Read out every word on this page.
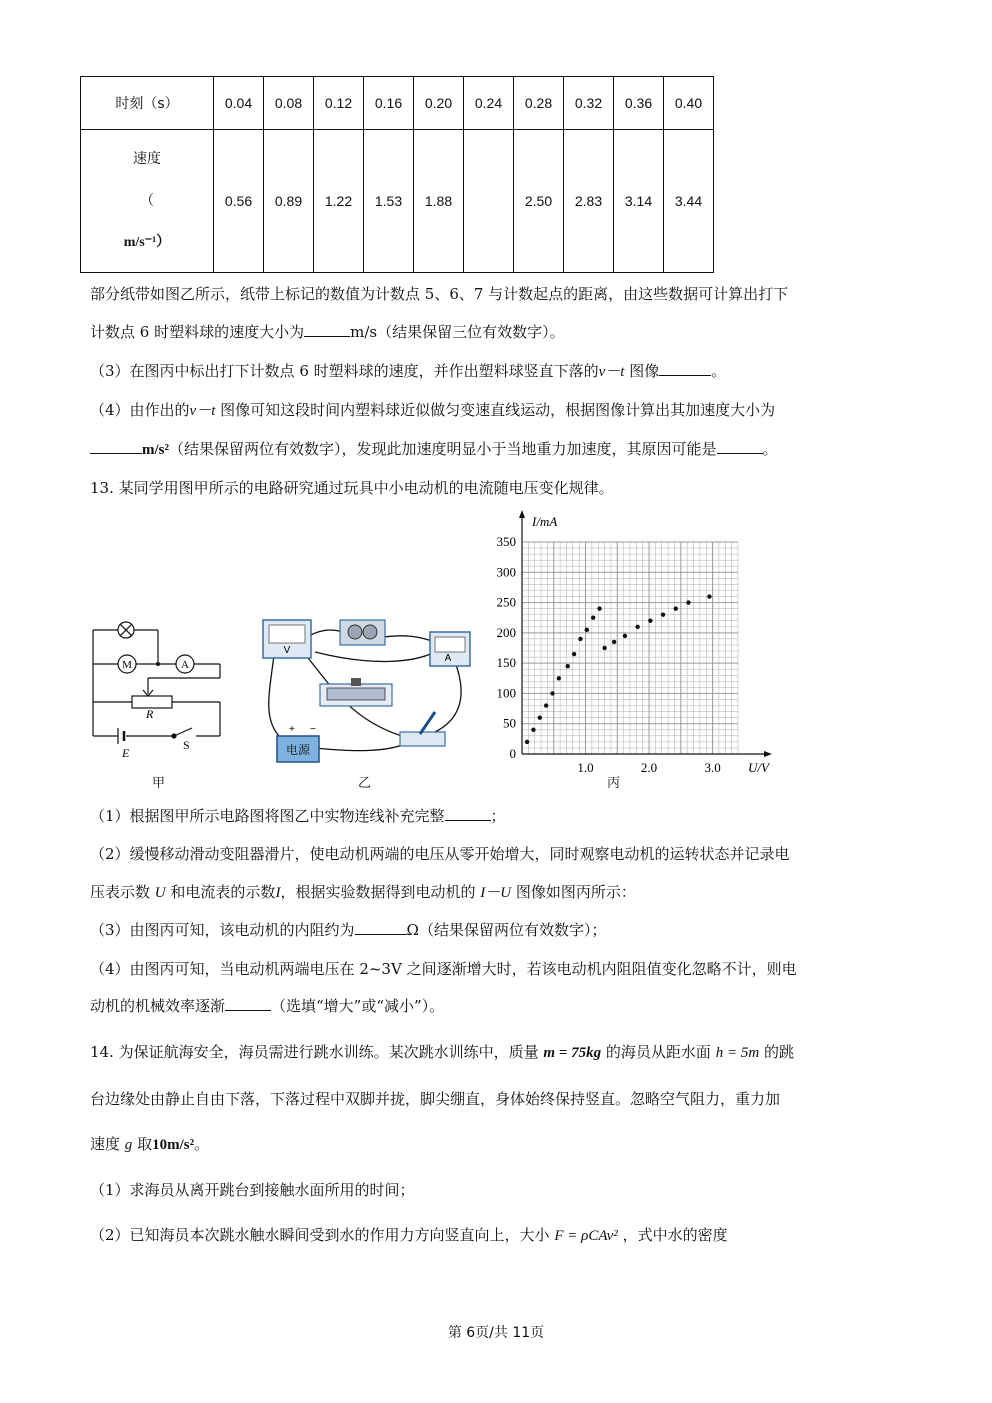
时刻（s）	0.04	0.08	0.12	0.16	0.20	0.24	0.28	0.32	0.36	0.40

速度
（
m/s⁻¹）	0.56	0.89	1.22	1.53	1.88		2.50	2.83	3.14	3.44
部分纸带如图乙所示，纸带上标记的数值为计数点 5、6、7 与计数起点的距离，由这些数据可计算出打下
计数点 6 时塑料球的速度大小为	m/s（结果保留三位有效数字）。
（3）在图丙中标出打下计数点 6 时塑料球的速度，并作出塑料球竖直下落的v－t 图像	。
（4）由作出的v－t 图像可知这段时间内塑料球近似做匀变速直线运动，根据图像计算出其加速度大小为
m/s²（结果保留两位有效数字），发现此加速度明显小于当地重力加速度，其原因可能是	。
13. 某同学用图甲所示的电路研究通过玩具中小电动机的电流随电压变化规律。
M	A
R
E
S
甲
V
A
电源
+ −
乙
0
50
100
150
200
250
300
350
1.0	2.0	3.0
I/mA
U/V
丙
（1）根据图甲所示电路图将图乙中实物连线补充完整	；
（2）缓慢移动滑动变阻器滑片，使电动机两端的电压从零开始增大，同时观察电动机的运转状态并记录电
压表示数 U 和电流表的示数I，根据实验数据得到电动机的 I－U 图像如图丙所示：
（3）由图丙可知，该电动机的内阻约为	Ω（结果保留两位有效数字）；
（4）由图丙可知，当电动机两端电压在 2~3V 之间逐渐增大时，若该电动机内阻阻值变化忽略不计，则电
动机的机械效率逐渐	（选填“增大”或“减小”）。
14. 为保证航海安全，海员需进行跳水训练。某次跳水训练中，质量 m = 75kg 的海员从距水面 h = 5m 的跳
台边缘处由静止自由下落，下落过程中双脚并拢，脚尖绷直，身体始终保持竖直。忽略空气阻力，重力加
速度 g 取10m/s²。
（1）求海员从离开跳台到接触水面所用的时间；
（2）已知海员本次跳水触水瞬间受到水的作用力方向竖直向上，大小 F = ρCAv² ，式中水的密度
第 6页/共 11页
